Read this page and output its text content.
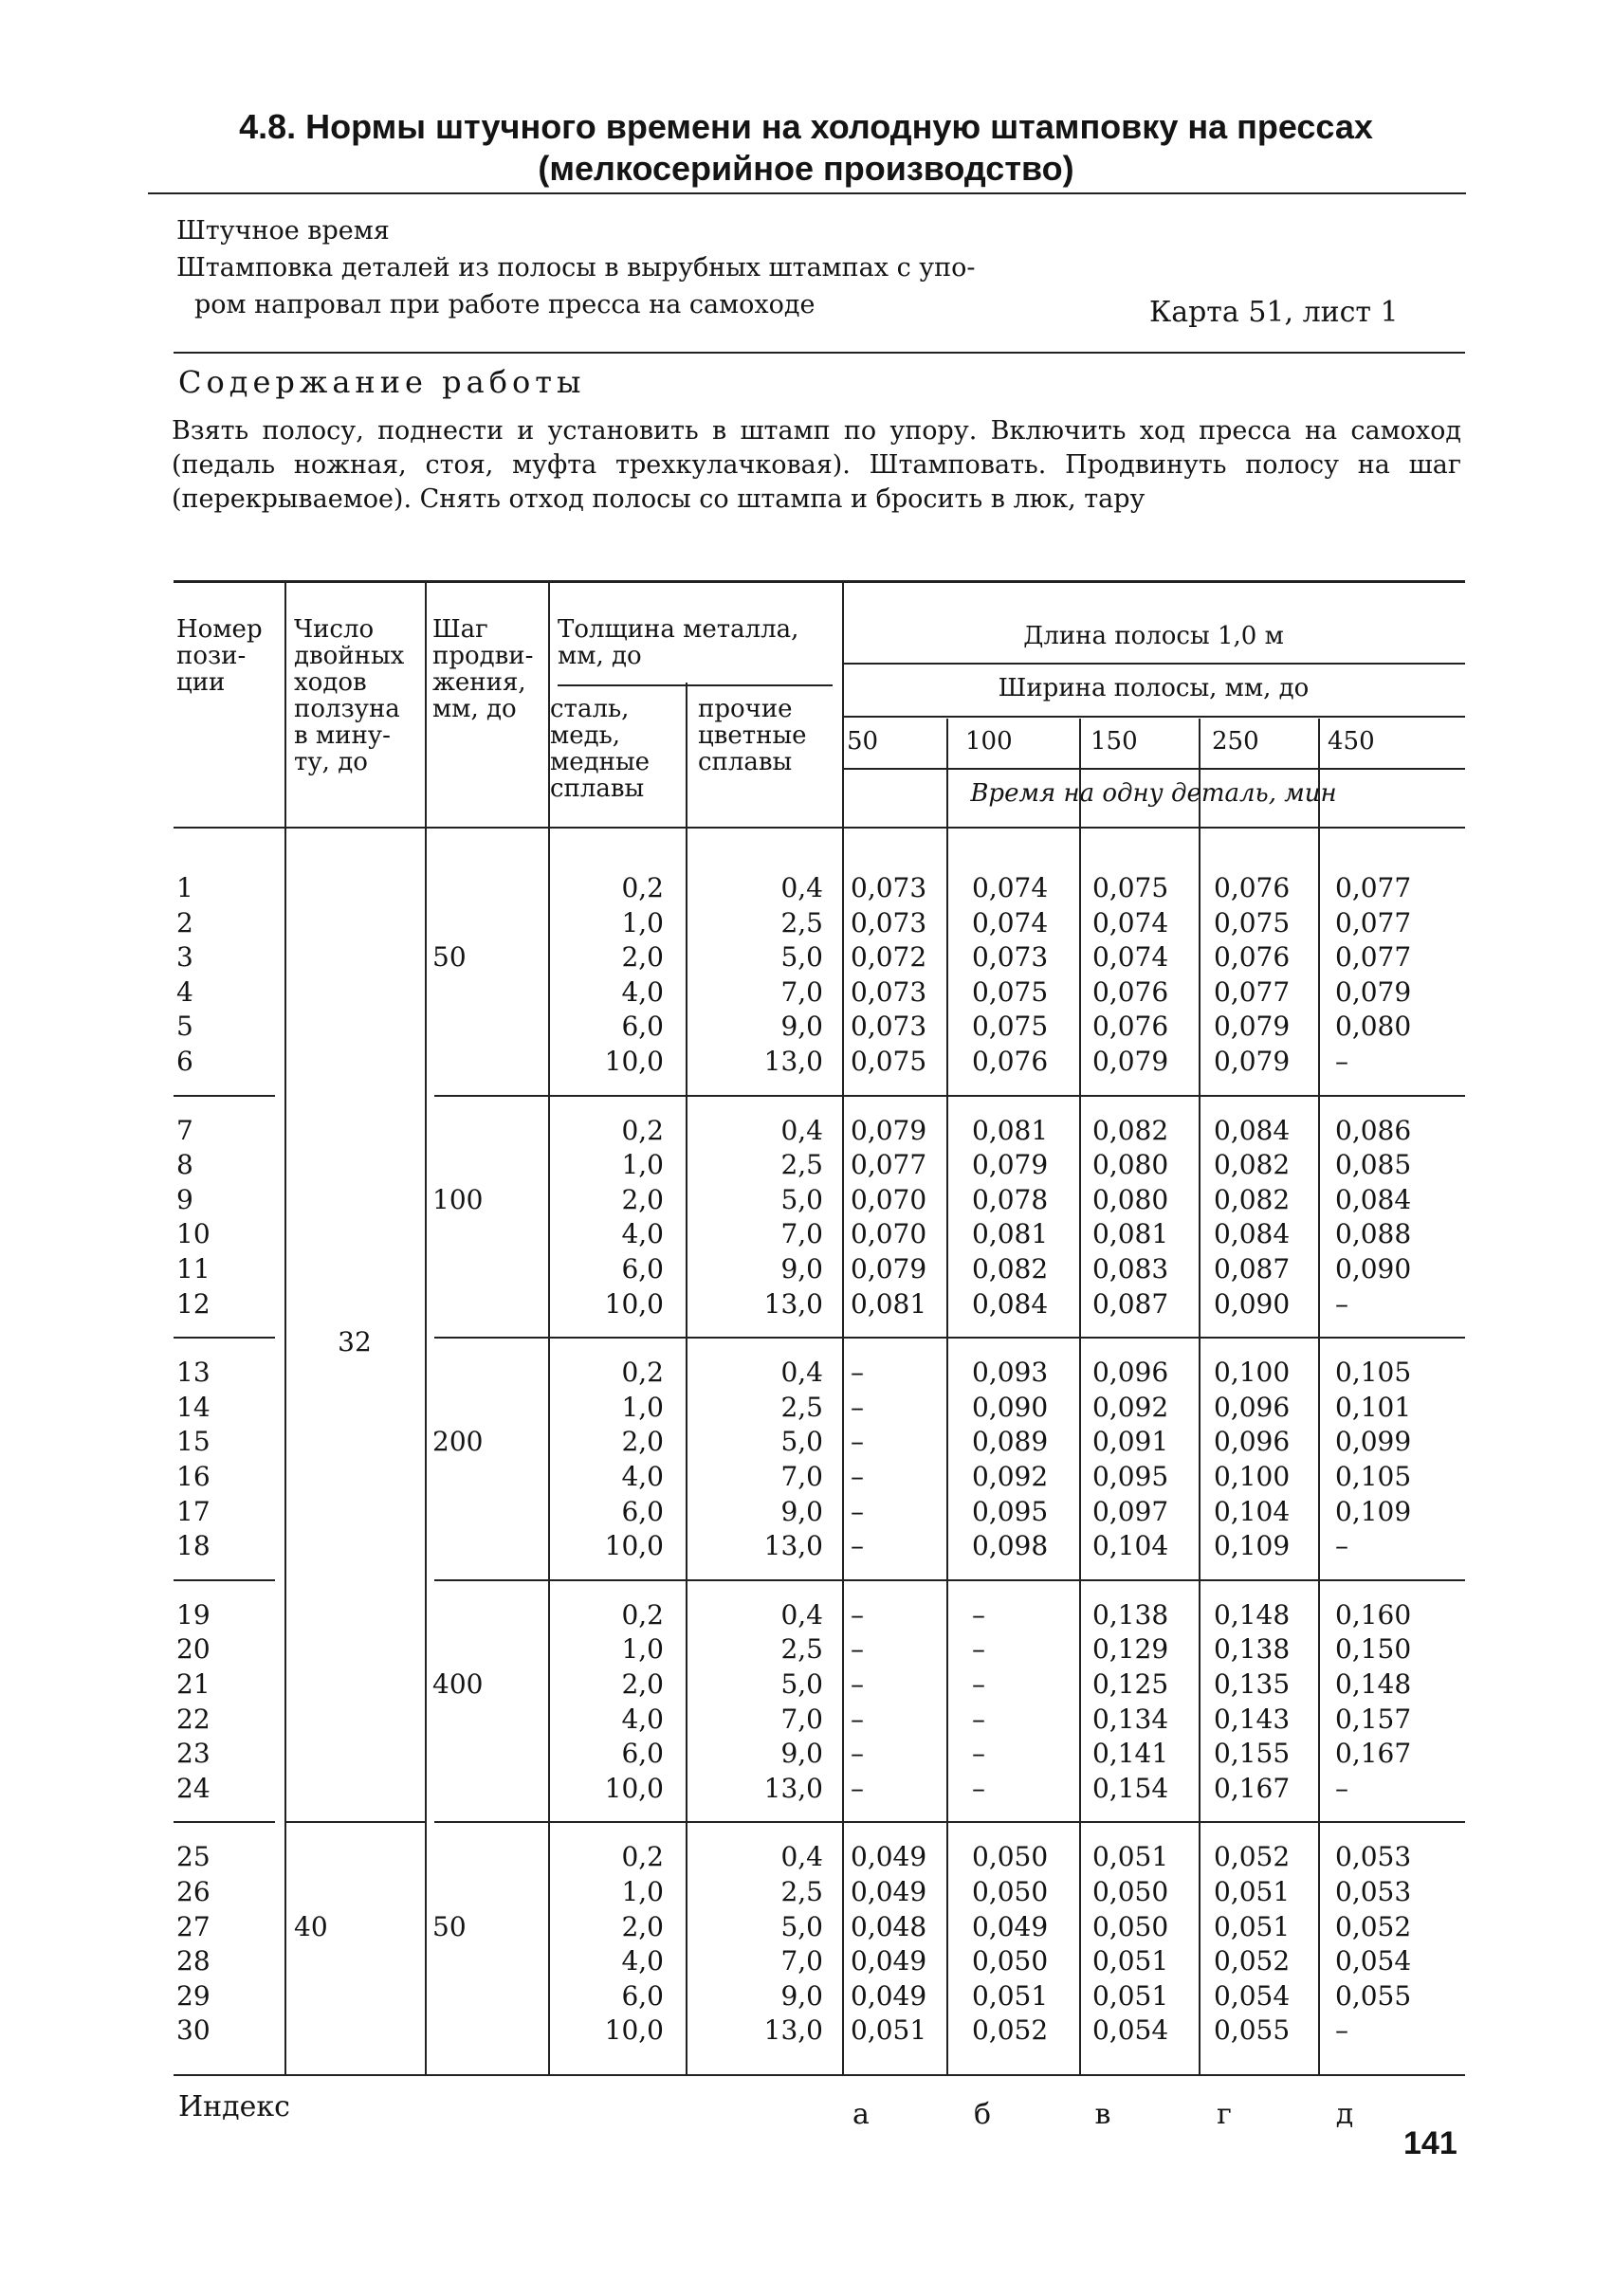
4.8. Нормы штучного времени на холодную штамповку на прессах
(мелкосерийное производство)
Штучное время
Штамповка деталей из полосы в вырубных штампах с упо-
ром напровал при работе пресса на самоходе	Карта 51, лист 1
Содержание работы
Взять полосу, поднести и установить в штамп по упору. Включить ход пресса на самоход (педаль ножная, стоя, муфта трехкулачковая). Штамповать. Продвинуть полосу на шаг (перекрываемое). Снять отход полосы со штампа и бросить в люк, тару
Номер
пози-
ции
Число
двойных
ходов
ползуна
в мину-
ту, до
Шаг
продви-
жения,
мм, до
Толщина металла,
мм, до
сталь,
медь,
медные
сплавы
прочие
цветные
сплавы
Длина полосы 1,0 м
Ширина полосы, мм, до
50	100	150	250	450
Время на одну деталь, мин
32
40
50
1	0,2	0,4 0,073 0,074 0,075 0,076 0,077
2	1,0	2,5 0,073 0,074 0,074 0,075 0,077
3	2,0	5,0 0,072 0,073 0,074 0,076 0,077
4	4,0	7,0 0,073 0,075 0,076 0,077 0,079
5	6,0	9,0 0,073 0,075 0,076 0,079 0,080
6	10,0	13,0 0,075 0,076 0,079 0,079 –
100
7	0,2	0,4 0,079 0,081 0,082 0,084 0,086
8	1,0	2,5 0,077 0,079 0,080 0,082 0,085
9	2,0	5,0 0,070 0,078 0,080 0,082 0,084
10	4,0	7,0 0,070 0,081 0,081 0,084 0,088
11	6,0	9,0 0,079 0,082 0,083 0,087 0,090
12	10,0	13,0 0,081 0,084 0,087 0,090 –
200
13	0,2	0,4 –	0,093 0,096 0,100 0,105
14	1,0	2,5 –	0,090 0,092 0,096 0,101
15	2,0	5,0 –	0,089 0,091 0,096 0,099
16	4,0	7,0 –	0,092 0,095 0,100 0,105
17	6,0	9,0 –	0,095 0,097 0,104 0,109
18	10,0	13,0 –	0,098 0,104 0,109 –
400
19	0,2	0,4 –	–	0,138 0,148 0,160
20	1,0	2,5 –	–	0,129 0,138 0,150
21	2,0	5,0 –	–	0,125 0,135 0,148
22	4,0	7,0 –	–	0,134 0,143 0,157
23	6,0	9,0 –	–	0,141 0,155 0,167
24	10,0	13,0 –	–	0,154 0,167 –
50
25	0,2	0,4 0,049 0,050 0,051 0,052 0,053
26	1,0	2,5 0,049 0,050 0,050 0,051 0,053
27	2,0	5,0 0,048 0,049 0,050 0,051 0,052
28	4,0	7,0 0,049 0,050 0,051 0,052 0,054
29	6,0	9,0 0,049 0,051 0,051 0,054 0,055
30	10,0	13,0 0,051 0,052 0,054 0,055 –
Индекс	а	б	в	г	д
141
